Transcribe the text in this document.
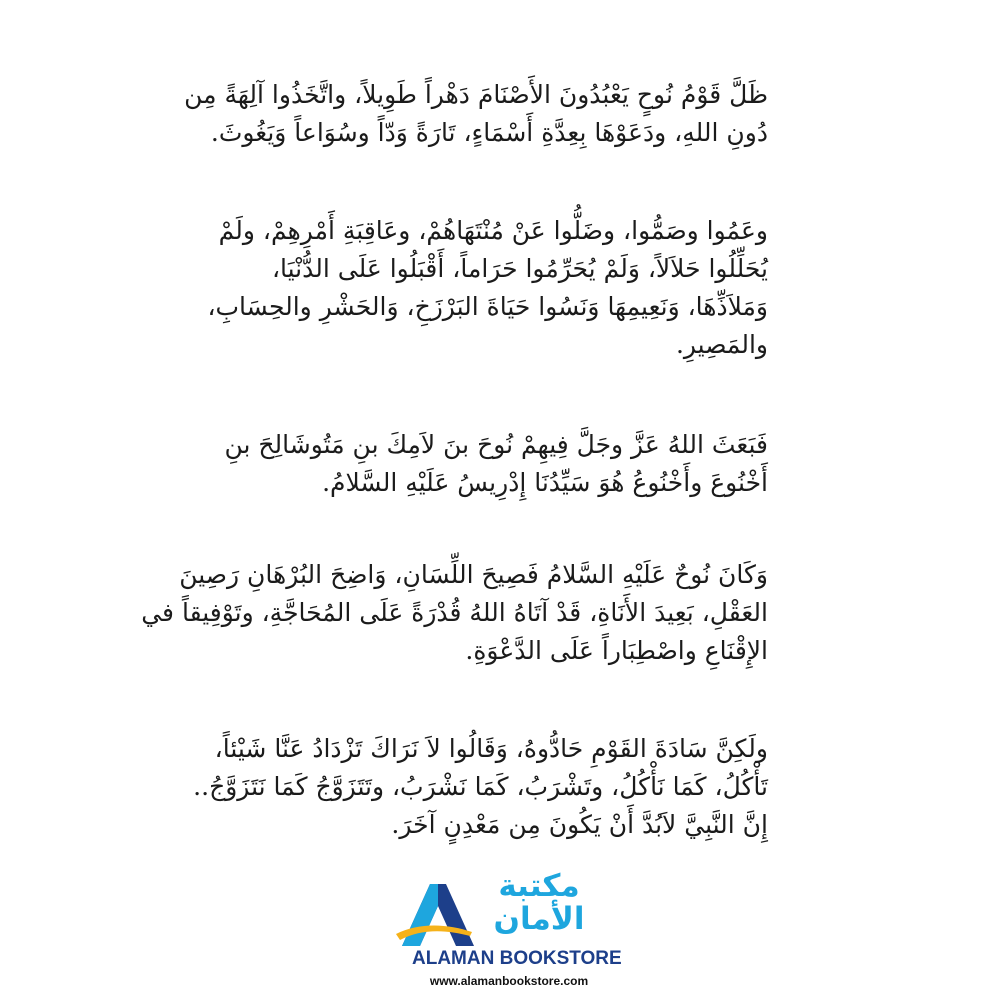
ظَلَّ قَوْمُ نُوحٍ يَعْبُدُونَ الأَصْنَامَ دَهْراً طَوِيلاً، واتَّخَذُوا آلِهَةً مِن
دُونِ اللهِ، ودَعَوْهَا بِعِدَّةِ أَسْمَاءٍ، تَارَةً وَدّاً وسُوَاعاً وَيَغُوثَ.
وعَمُوا وصَمُّوا، وضَلُّوا عَنْ مُنْتَهَاهُمْ، وعَاقِبَةِ أَمْرِهِمْ، ولَمْ
يُحَلِّلُوا حَلاَلاً، وَلَمْ يُحَرِّمُوا حَرَاماً، أَقْبَلُوا عَلَى الدُّنْيَا،
وَمَلاَذِّهَا، وَنَعِيمِهَا وَنَسُوا حَيَاةَ البَرْزَخِ، وَالحَشْرِ والحِسَابِ،
والمَصِيرِ.
فَبَعَثَ اللهُ عَزَّ وجَلَّ فِيهِمْ نُوحَ بنَ لاَمِكَ بنِ مَتُوشَالِحَ بنِ
أَخْنُوعَ وأَخْنُوعُ هُوَ سَيِّدُنَا إِدْرِيسُ عَلَيْهِ السَّلامُ.
وَكَانَ نُوحٌ عَلَيْهِ السَّلامُ فَصِيحَ اللِّسَانِ، وَاضِحَ البُرْهَانِ رَصِينَ
العَقْلِ، بَعِيدَ الأَنَاةِ، قَدْ آتَاهُ اللهُ قُدْرَةً عَلَى المُحَاجَّةِ، وتَوْفِيقاً في
الإِقْنَاعِ واصْطِبَاراً عَلَى الدَّعْوَةِ.
ولَكِنَّ سَادَةَ القَوْمِ حَادُّوهُ، وَقَالُوا لاَ نَرَاكَ تَزْدَادُ عَنَّا شَيْئاً،
تَأْكُلُ، كَمَا نَأْكُلُ، وتَشْرَبُ، كَمَا نَشْرَبُ، وتَتَزَوَّجُ كَمَا نَتَزَوَّجُ..
إِنَّ النَّبِيَّ لاَبُدَّ أَنْ يَكُونَ مِن مَعْدِنٍ آخَرَ.
مكتبة
الأمان
ALAMAN BOOKSTORE
www.alamanbookstore.com
